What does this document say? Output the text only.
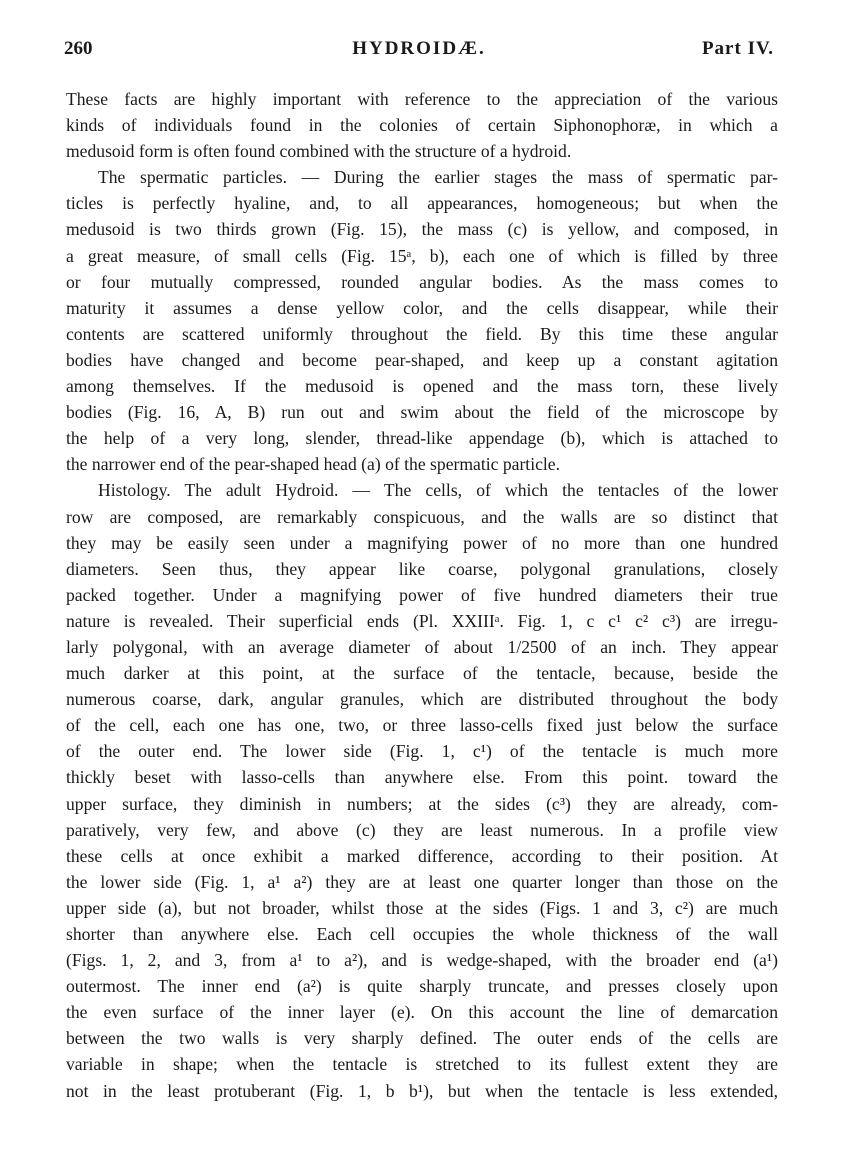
260	HYDROIDÆ.	Part IV.
These facts are highly important with reference to the appreciation of the various
kinds of individuals found in the colonies of certain Siphonophoræ, in which a
medusoid form is often found combined with the structure of a hydroid.
The spermatic particles. — During the earlier stages the mass of spermatic par-
ticles is perfectly hyaline, and, to all appearances, homogeneous; but when the
medusoid is two thirds grown (Fig. 15), the mass (c) is yellow, and composed, in
a great measure, of small cells (Fig. 15ᵃ, b), each one of which is filled by three
or four mutually compressed, rounded angular bodies. As the mass comes to
maturity it assumes a dense yellow color, and the cells disappear, while their
contents are scattered uniformly throughout the field. By this time these angular
bodies have changed and become pear-shaped, and keep up a constant agitation
among themselves. If the medusoid is opened and the mass torn, these lively
bodies (Fig. 16, A, B) run out and swim about the field of the microscope by
the help of a very long, slender, thread-like appendage (b), which is attached to
the narrower end of the pear-shaped head (a) of the spermatic particle.
Histology. The adult Hydroid. — The cells, of which the tentacles of the lower
row are composed, are remarkably conspicuous, and the walls are so distinct that
they may be easily seen under a magnifying power of no more than one hundred
diameters. Seen thus, they appear like coarse, polygonal granulations, closely
packed together. Under a magnifying power of five hundred diameters their true
nature is revealed. Their superficial ends (Pl. XXIIIᵃ. Fig. 1, c c¹ c² c³) are irregu-
larly polygonal, with an average diameter of about 1/2500 of an inch. They appear
much darker at this point, at the surface of the tentacle, because, beside the
numerous coarse, dark, angular granules, which are distributed throughout the body
of the cell, each one has one, two, or three lasso-cells fixed just below the surface
of the outer end. The lower side (Fig. 1, c¹) of the tentacle is much more
thickly beset with lasso-cells than anywhere else. From this point. toward the
upper surface, they diminish in numbers; at the sides (c³) they are already, com-
paratively, very few, and above (c) they are least numerous. In a profile view
these cells at once exhibit a marked difference, according to their position. At
the lower side (Fig. 1, a¹ a²) they are at least one quarter longer than those on the
upper side (a), but not broader, whilst those at the sides (Figs. 1 and 3, c²) are much
shorter than anywhere else. Each cell occupies the whole thickness of the wall
(Figs. 1, 2, and 3, from a¹ to a²), and is wedge-shaped, with the broader end (a¹)
outermost. The inner end (a²) is quite sharply truncate, and presses closely upon
the even surface of the inner layer (e). On this account the line of demarcation
between the two walls is very sharply defined. The outer ends of the cells are
variable in shape; when the tentacle is stretched to its fullest extent they are
not in the least protuberant (Fig. 1, b b¹), but when the tentacle is less extended,
